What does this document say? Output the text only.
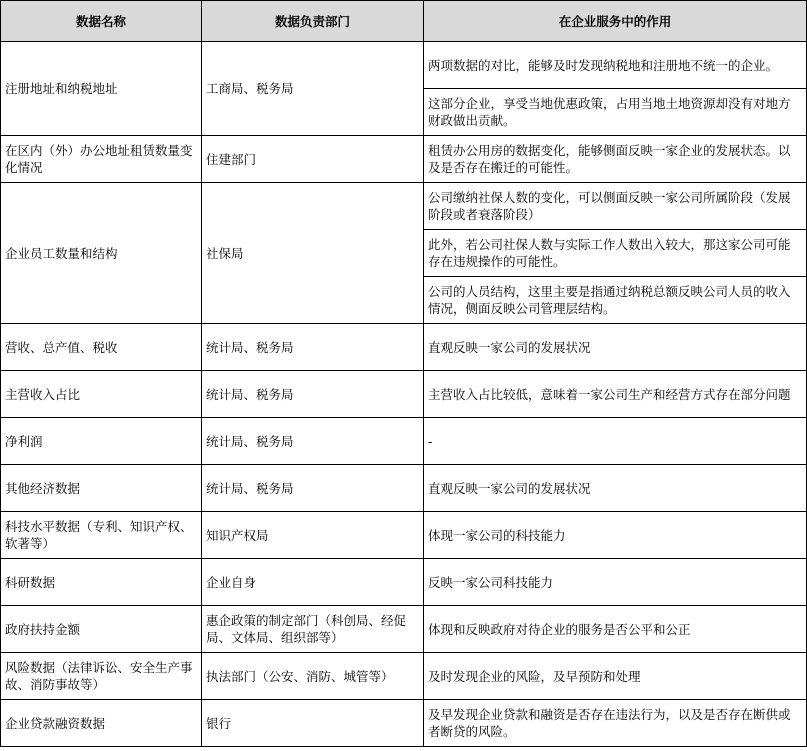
数据名称	数据负责部门	在企业服务中的作用
注册地址和纳税地址	工商局、税务局	两项数据的对比，能够及时发现纳税地和注册地不统一的企业。
		这部分企业，享受当地优惠政策，占用当地土地资源却没有对地方财政做出贡献。
在区内（外）办公地址租赁数量变化情况	住建部门	租赁办公用房的数据变化，能够侧面反映一家企业的发展状态。以及是否存在搬迁的可能性。
企业员工数量和结构	社保局	公司缴纳社保人数的变化，可以侧面反映一家公司所属阶段（发展阶段或者衰落阶段）
		此外，若公司社保人数与实际工作人数出入较大，那这家公司可能存在违规操作的可能性。
		公司的人员结构，这里主要是指通过纳税总额反映公司人员的收入情况，侧面反映公司管理层结构。
营收、总产值、税收	统计局、税务局	直观反映一家公司的发展状况
主营收入占比	统计局、税务局	主营收入占比较低，意味着一家公司生产和经营方式存在部分问题
净利润	统计局、税务局	-
其他经济数据	统计局、税务局	直观反映一家公司的发展状况
科技水平数据（专利、知识产权、软著等）	知识产权局	体现一家公司的科技能力
科研数据	企业自身	反映一家公司科技能力
政府扶持金额	惠企政策的制定部门（科创局、经促局、文体局、组织部等）	体现和反映政府对待企业的服务是否公平和公正
风险数据（法律诉讼、安全生产事故、消防事故等）	执法部门（公安、消防、城管等）	及时发现企业的风险，及早预防和处理
企业贷款融资数据	银行	及早发现企业贷款和融资是否存在违法行为，以及是否存在断供或者断贷的风险。
